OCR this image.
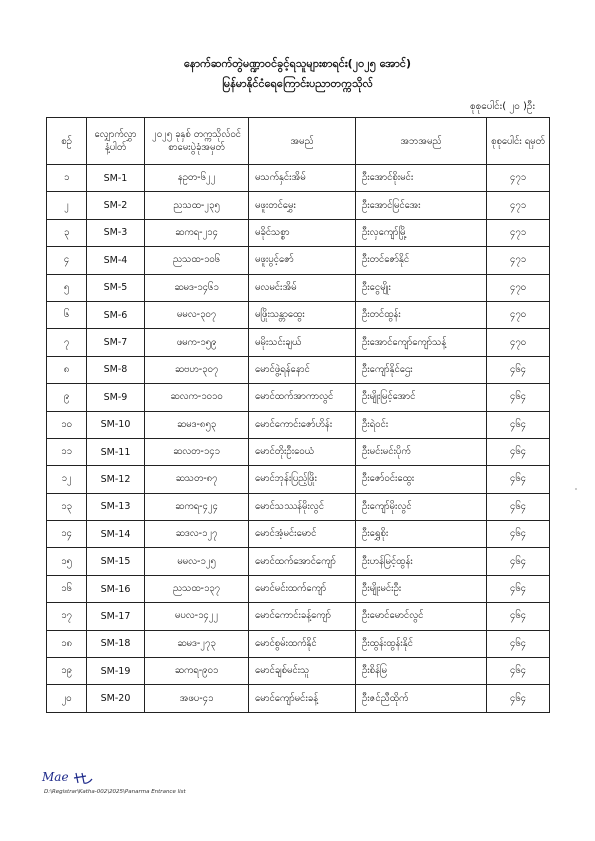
နောက်ဆက်တွဲမဏ္ဍာဝင်ခွင့်ရသူများစာရင်း(၂၀၂၅ အောင်)
မြန်မာနိုင်ငံရေကြောင်းပညာတက္ကသိုလ်
စုစုပေါင်း( ၂၀ )ဦး
စဉ်	လျှောက်လွှာ နံ့ပါတ်	၂၀၂၅ ခုနှစ် တက္ကသိုလ်ဝင် စာမေးပွဲခုံအမှတ်	အမည်	အဘအမည်	စုစုပေါင်း ရမှတ်
၁	SM-1	နဥတ-၆၂၂	မသက်နှင်းအိမ်	ဦးအောင်စိုးမင်း	၄၇၁
၂	SM-2	ညသထ-၂၃၅	မဖူးတင်မွှေး	ဦးအောင်မြင်အေး	၄၇၁
၃	SM-3	ဆကရ-၂၁၄	မခိုင်သစ္စာ	ဦးလှကျော်မြို့	၄၇၁
၄	SM-4	ညသထ-၁၀၆	မဖူးပွင့်ဇော်	ဦးတင်ဇော်နိုင်	၄၇၁
၅	SM-5	ဆမဒ-၁၄၆၁	မလမင်းအိမ်	ဦးငွေမျိုး	၄၇၀
၆	SM-6	မမလ-၃၀၇	မဖြိုးသန္တာထွေး	ဦးတင်ထွန်း	၄၇၀
၇	SM-7	ဖမက-၁၅၉	မမိုးသင်းချယ်	ဦးအောင်ကျော်ကျော်သန့်	၄၇၀
၈	SM-8	ဆဗဟ-၃၀၇	မောင်ဖွဲ့ရန်နောင်	ဦးကျော်နိုင်ဌေး	၄၆၄
၉	SM-9	ဆလက-၁၀၁၀	မောင်ထက်အာကာလွင်	ဦးမျိုးမြင့်အောင်	၄၆၄
၁၀	SM-10	ဆမဒ-၈၅၃	မောင်ကောင်းဇော်ဟိန်း	ဦးရဲဝင်း	၄၆၄
၁၁	SM-11	ဆလတ-၁၄၁	မောင်တိုးဦးဝေယံ	ဦးမင်းမင်းပိုက်	၄၆၄
၁၂	SM-12	ဆသတ-၈၇	မောင်ဘုန်းပြည့်ဖြိုး	ဦးဇော်ဝင်းထွေး	၄၆၄
၁၃	SM-13	ဆကရ-၄၂၄	မောင်သဿန်မိုးလွင်	ဦးကျော်မိုးလွင်	၄၆၄
၁၄	SM-14	ဆဒလ-၁၂၇	မောင်အံ့မင်းမောင်	ဦးရွှေစိုး	၄၆၄
၁၅	SM-15	မမလ-၁၂၅	မောင်ထက်အောင်ကျော်	ဦးဟန်မြင့်ထွန်း	၄၆၄
၁၆	SM-16	ညသထ-၁၃၇	မောင်မင်းထက်ကျော်	ဦးမျိုးမင်းဦး	၄၆၄
၁၇	SM-17	မပလ-၁၄၂၂	မောင်ကောင်းခန့်ကျော်	ဦးမောင်မောင်လွင်	၄၆၄
၁၈	SM-18	ဆမဒ-၂၇၃	မောင်စွမ်းထက်နိုင်	ဦးထွန်းထွန်းနိုင်	၄၆၄
၁၉	SM-19	ဆကရ-၉၀၁	မောင်ချစ်မင်းသူ	ဦးစိန်မြ	၄၆၄
၂၀	SM-20	အဖပ-၄၁	မောင်ကျော်မင်းခန့်	ဦးဇင်ညီထိုက်	၄၆၄
Mae
D:\Registrar\Katha-002\2025\Panarma Entrance list
